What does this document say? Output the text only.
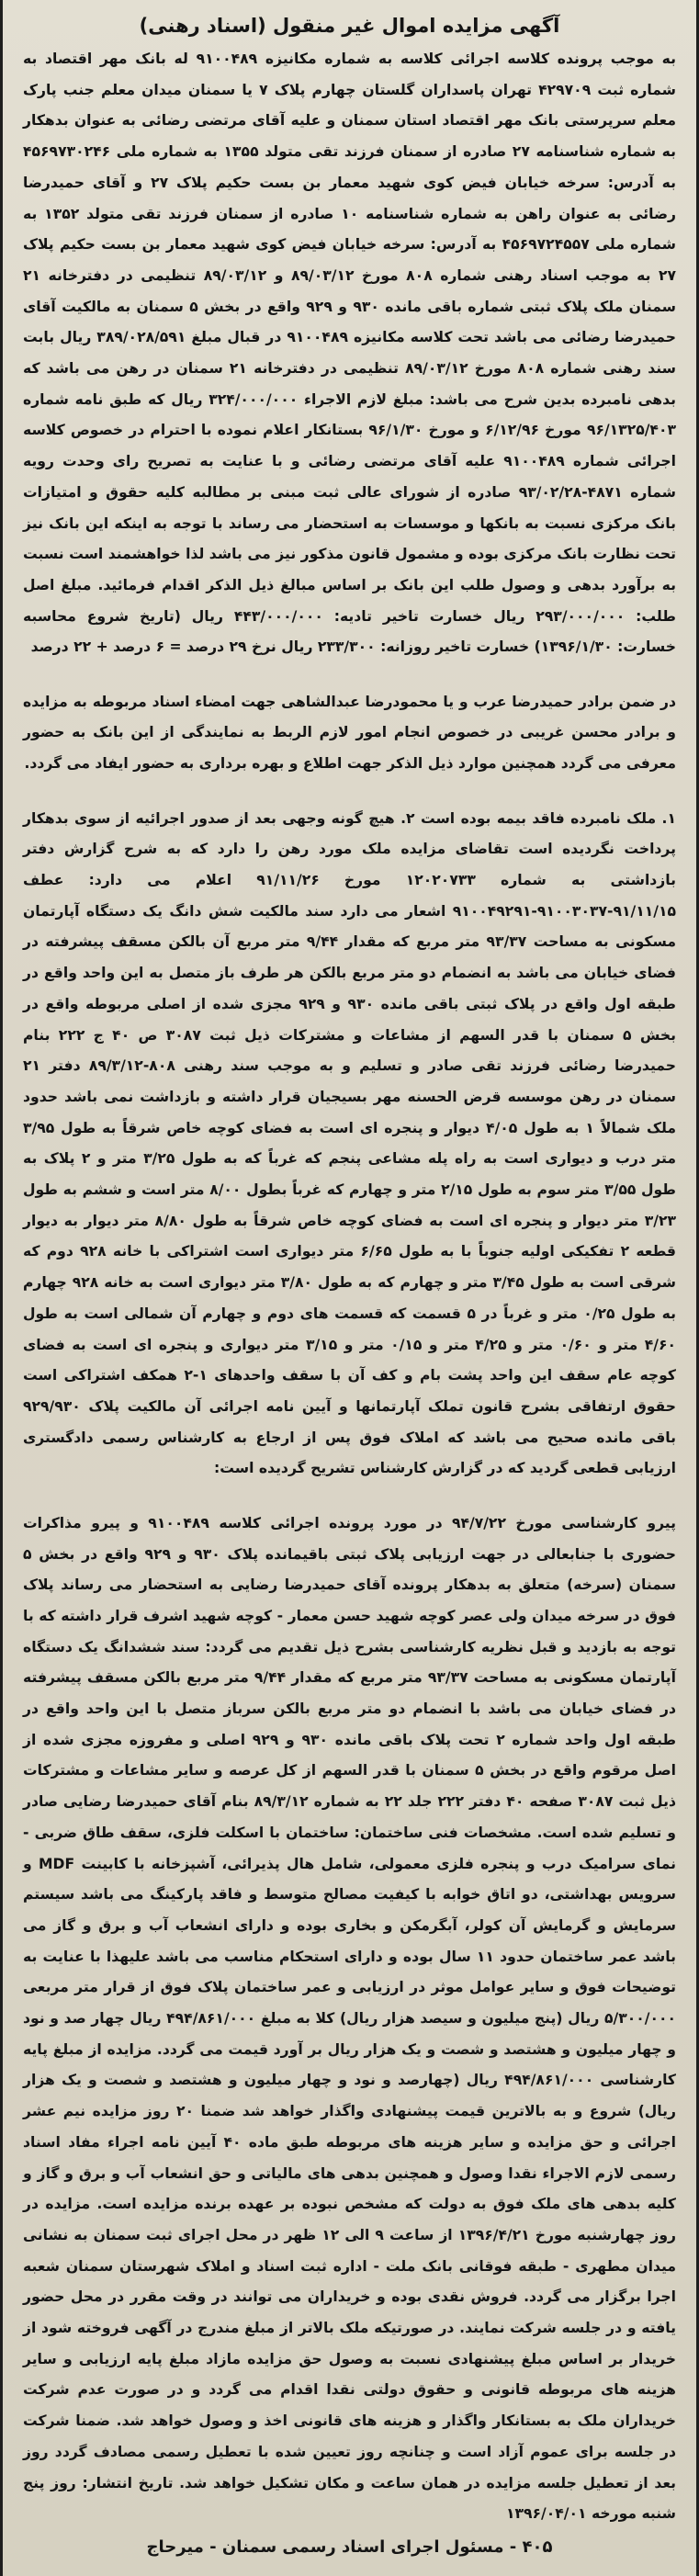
آگهی مزایده اموال غیر منقول (اسناد رهنی)

به موجب پرونده کلاسه اجرائی کلاسه به شماره مکانیزه ۹۱۰۰۴۸۹ له بانک مهر اقتصاد به شماره ثبت ۴۲۹۷۰۹ تهران پاسداران گلستان چهارم پلاک ۷ یا سمنان میدان معلم جنب پارک معلم سرپرستی بانک مهر اقتصاد استان سمنان و علیه آقای مرتضی رضائی به عنوان بدهکار به شماره شناسنامه ۲۷ صادره از سمنان فرزند تقی متولد ۱۳۵۵ به شماره ملی ۴۵۶۹۷۳۰۲۴۶ به آدرس: سرخه خیابان فیض کوی شهید معمار بن بست حکیم پلاک ۲۷ و آقای حمیدرضا رضائی به عنوان راهن به شماره شناسنامه ۱۰ صادره از سمنان فرزند تقی متولد ۱۳۵۲ به شماره ملی ۴۵۶۹۷۲۴۵۵۷ به آدرس: سرخه خیابان فیض کوی شهید معمار بن بست حکیم پلاک ۲۷ به موجب اسناد رهنی شماره ۸۰۸ مورخ ۸۹/۰۳/۱۲ و ۸۹/۰۳/۱۲ تنظیمی در دفترخانه ۲۱ سمنان ملک پلاک ثبتی شماره باقی مانده ۹۳۰ و ۹۲۹ واقع در بخش ۵ سمنان به مالکیت آقای حمیدرضا رضائی می باشد تحت کلاسه مکانیزه ۹۱۰۰۴۸۹ در قبال مبلغ ۳۸۹/۰۲۸/۵۹۱ ریال بابت سند رهنی شماره ۸۰۸ مورخ ۸۹/۰۳/۱۲ تنظیمی در دفترخانه ۲۱ سمنان در رهن می باشد که بدهی نامبرده بدین شرح می باشد: مبلغ لازم الاجراء ۳۲۴/۰۰۰/۰۰۰ ریال که طبق نامه شماره ۹۶/۱۳۲۵/۴۰۳ مورخ ۶/۱۲/۹۶ و مورخ ۹۶/۱/۳۰ بستانکار اعلام نموده با احترام در خصوص کلاسه اجرائی شماره ۹۱۰۰۴۸۹ علیه آقای مرتضی رضائی و با عنایت به تصریح رای وحدت رویه شماره ۴۸۷۱-۹۳/۰۲/۲۸ صادره از شورای عالی ثبت مبنی بر مطالبه کلیه حقوق و امتیازات بانک مرکزی نسبت به بانکها و موسسات به استحضار می رساند با توجه به اینکه این بانک نیز تحت نظارت بانک مرکزی بوده و مشمول قانون مذکور نیز می باشد لذا خواهشمند است نسبت به برآورد بدهی و وصول طلب این بانک بر اساس مبالغ ذیل الذکر اقدام فرمائید. مبلغ اصل طلب: ۲۹۳/۰۰۰/۰۰۰ ریال خسارت تاخیر تادیه: ۴۴۳/۰۰۰/۰۰۰ ریال (تاریخ شروع محاسبه خسارت: ۱۳۹۶/۱/۳۰) خسارت تاخیر روزانه: ۲۳۳/۳۰۰ ریال نرخ ۲۹ درصد = ۶ درصد + ۲۲ درصد

در ضمن برادر حمیدرضا عرب و یا محمودرضا عبدالشاهی جهت امضاء اسناد مربوطه به مزایده و برادر محسن غریبی در خصوص انجام امور لازم الربط به نمایندگی از این بانک به حضور معرفی می گردد همچنین موارد ذیل الذکر جهت اطلاع و بهره برداری به حضور ایفاد می گردد.

۱. ملک نامبرده فاقد بیمه بوده است ۲. هیچ گونه وجهی بعد از صدور اجرائیه از سوی بدهکار پرداخت نگردیده است تقاضای مزایده ملک مورد رهن را دارد که به شرح گزارش دفتر بازداشتی به شماره ۱۲۰۲۰۷۳۳ مورخ ۹۱/۱۱/۲۶ اعلام می دارد: عطف ۹۱/۱۱/۱۵-۹۱۰۰۳۰۳۷-۹۱۰۰۴۹۲۹۱ اشعار می دارد سند مالکیت شش دانگ یک دستگاه آپارتمان مسکونی به مساحت ۹۳/۳۷ متر مربع که مقدار ۹/۴۴ متر مربع آن بالکن مسقف پیشرفته در فضای خیابان می باشد به انضمام دو متر مربع بالکن هر طرف باز متصل به این واحد واقع در طبقه اول واقع در پلاک ثبتی باقی مانده ۹۳۰ و ۹۲۹ مجزی شده از اصلی مربوطه واقع در بخش ۵ سمنان با قدر السهم از مشاعات و مشترکات ذیل ثبت ۳۰۸۷ ص ۴۰ ج ۲۲۲ بنام حمیدرضا رضائی فرزند تقی صادر و تسلیم و به موجب سند رهنی ۸۰۸-۸۹/۳/۱۲ دفتر ۲۱ سمنان در رهن موسسه قرض الحسنه مهر بسیجیان قرار داشته و بازداشت نمی باشد حدود ملک شمالاً ۱ به طول ۴/۰۵ دیوار و پنجره ای است به فضای کوچه خاص شرقاً به طول ۳/۹۵ متر درب و دیواری است به راه پله مشاعی پنجم که غرباً که به طول ۳/۲۵ متر و ۲ پلاک به طول ۳/۵۵ متر سوم به طول ۲/۱۵ متر و چهارم که غرباً بطول ۸/۰۰ متر است و ششم به طول ۳/۲۳ متر دیوار و پنجره ای است به فضای کوچه خاص شرقاً به طول ۸/۸۰ متر دیوار به دیوار قطعه ۲ تفکیکی اولیه جنوباً با به طول ۶/۶۵ متر دیواری است اشتراکی با خانه ۹۲۸ دوم که شرقی است به طول ۳/۴۵ متر و چهارم که به طول ۳/۸۰ متر دیواری است به خانه ۹۲۸ چهارم به طول ۰/۲۵ متر و غرباً در ۵ قسمت که قسمت های دوم و چهارم آن شمالی است به طول ۴/۶۰ متر و ۰/۶۰ متر و ۴/۲۵ متر و ۰/۱۵ متر و ۳/۱۵ متر دیواری و پنجره ای است به فضای کوچه عام سقف این واحد پشت بام و کف آن با سقف واحدهای ۱-۲ همکف اشتراکی است حقوق ارتفاقی بشرح قانون تملک آپارتمانها و آیین نامه اجرائی آن مالکیت پلاک ۹۲۹/۹۳۰ باقی مانده صحیح می باشد که املاک فوق پس از ارجاع به کارشناس رسمی دادگستری ارزیابی قطعی گردید که در گزارش کارشناس تشریح گردیده است:

پیرو کارشناسی مورخ ۹۴/۷/۲۲ در مورد پرونده اجرائی کلاسه ۹۱۰۰۴۸۹ و پیرو مذاکرات حضوری با جنابعالی در جهت ارزیابی پلاک ثبتی باقیمانده پلاک ۹۳۰ و ۹۲۹ واقع در بخش ۵ سمنان (سرخه) متعلق به بدهکار پرونده آقای حمیدرضا رضایی به استحضار می رساند پلاک فوق در سرخه میدان ولی عصر کوچه شهید حسن معمار - کوچه شهید اشرف قرار داشته که با توجه به بازدید و قبل نظریه کارشناسی بشرح ذیل تقدیم می گردد: سند ششدانگ یک دستگاه آپارتمان مسکونی به مساحت ۹۳/۳۷ متر مربع که مقدار ۹/۴۴ متر مربع بالکن مسقف پیشرفته در فضای خیابان می باشد با انضمام دو متر مربع بالکن سرباز متصل با این واحد واقع در طبقه اول واحد شماره ۲ تحت پلاک باقی مانده ۹۳۰ و ۹۲۹ اصلی و مفروزه مجزی شده از اصل مرقوم واقع در بخش ۵ سمنان با قدر السهم از کل عرصه و سایر مشاعات و مشترکات ذیل ثبت ۳۰۸۷ صفحه ۴۰ دفتر ۲۲۲ جلد ۲۲ به شماره ۸۹/۳/۱۲ بنام آقای حمیدرضا رضایی صادر و تسلیم شده است. مشخصات فنی ساختمان: ساختمان با اسکلت فلزی، سقف طاق ضربی - نمای سرامیک درب و پنجره فلزی معمولی، شامل هال پذیرائی، آشپزخانه با کابینت MDF و سرویس بهداشتی، دو اتاق خوابه با کیفیت مصالح متوسط و فاقد پارکینگ می باشد سیستم سرمایش و گرمایش آن کولر، آبگرمکن و بخاری بوده و دارای انشعاب آب و برق و گاز می باشد عمر ساختمان حدود ۱۱ سال بوده و دارای استحکام مناسب می باشد علیهذا با عنایت به توضیحات فوق و سایر عوامل موثر در ارزیابی و عمر ساختمان پلاک فوق از قرار متر مربعی ۵/۳۰۰/۰۰۰ ریال (پنج میلیون و سیصد هزار ریال) کلا به مبلغ ۴۹۴/۸۶۱/۰۰۰ ریال چهار صد و نود و چهار میلیون و هشتصد و شصت و یک هزار ریال بر آورد قیمت می گردد. مزایده از مبلغ پایه کارشناسی ۴۹۴/۸۶۱/۰۰۰ ریال (چهارصد و نود و چهار میلیون و هشتصد و شصت و یک هزار ریال) شروع و به بالاترین قیمت پیشنهادی واگذار خواهد شد ضمنا ۲۰ روز مزایده نیم عشر اجرائی و حق مزایده و سایر هزینه های مربوطه طبق ماده ۴۰ آیین نامه اجراء مفاد اسناد رسمی لازم الاجراء نقدا وصول و همچنین بدهی های مالیاتی و حق انشعاب آب و برق و گاز و کلیه بدهی های ملک فوق به دولت که مشخص نبوده بر عهده برنده مزایده است. مزایده در روز چهارشنبه مورخ ۱۳۹۶/۴/۲۱ از ساعت ۹ الی ۱۲ ظهر در محل اجرای ثبت سمنان به نشانی میدان مطهری - طبقه فوقانی بانک ملت - اداره ثبت اسناد و املاک شهرستان سمنان شعبه اجرا برگزار می گردد. فروش نقدی بوده و خریداران می توانند در وقت مقرر در محل حضور یافته و در جلسه شرکت نمایند. در صورتیکه ملک بالاتر از مبلغ مندرج در آگهی فروخته شود از خریدار بر اساس مبلغ پیشنهادی نسبت به وصول حق مزایده مازاد مبلغ پایه ارزیابی و سایر هزینه های مربوطه قانونی و حقوق دولتی نقدا اقدام می گردد و در صورت عدم شرکت خریداران ملک به بستانکار واگذار و هزینه های قانونی اخذ و وصول خواهد شد. ضمنا شرکت در جلسه برای عموم آزاد است و چنانچه روز تعیین شده با تعطیل رسمی مصادف گردد روز بعد از تعطیل جلسه مزایده در همان ساعت و مکان تشکیل خواهد شد. تاریخ انتشار: روز پنج شنبه مورخه ۱۳۹۶/۰۴/۰۱

۴۰۵ - مسئول اجرای اسناد رسمی سمنان - میرحاج
